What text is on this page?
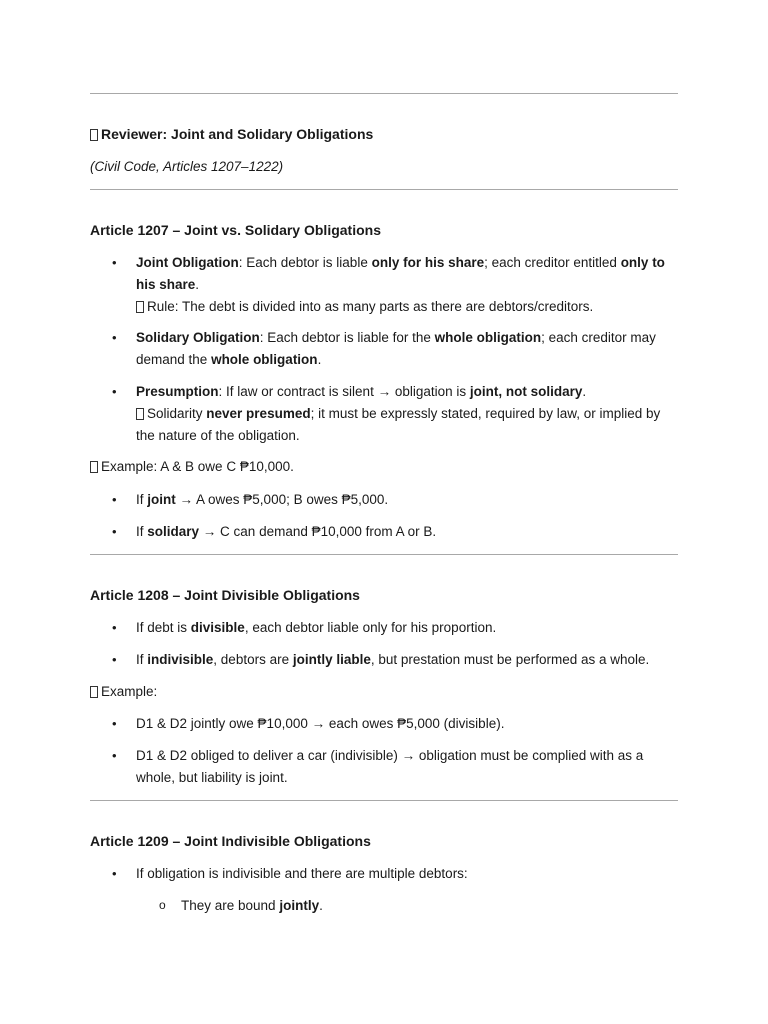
Reviewer: Joint and Solidary Obligations
(Civil Code, Articles 1207–1222)
Article 1207 – Joint vs. Solidary Obligations
• Joint Obligation: Each debtor is liable only for his share; each creditor entitled only to his share.
Rule: The debt is divided into as many parts as there are debtors/creditors.
• Solidary Obligation: Each debtor is liable for the whole obligation; each creditor may demand the whole obligation.
• Presumption: If law or contract is silent → obligation is joint, not solidary.
Solidarity never presumed; it must be expressly stated, required by law, or implied by the nature of the obligation.
Example: A & B owe C ₱10,000.
• If joint → A owes ₱5,000; B owes ₱5,000.
• If solidary → C can demand ₱10,000 from A or B.
Article 1208 – Joint Divisible Obligations
• If debt is divisible, each debtor liable only for his proportion.
• If indivisible, debtors are jointly liable, but prestation must be performed as a whole.
Example:
• D1 & D2 jointly owe ₱10,000 → each owes ₱5,000 (divisible).
• D1 & D2 obliged to deliver a car (indivisible) → obligation must be complied with as a whole, but liability is joint.
Article 1209 – Joint Indivisible Obligations
• If obligation is indivisible and there are multiple debtors:
o They are bound jointly.
